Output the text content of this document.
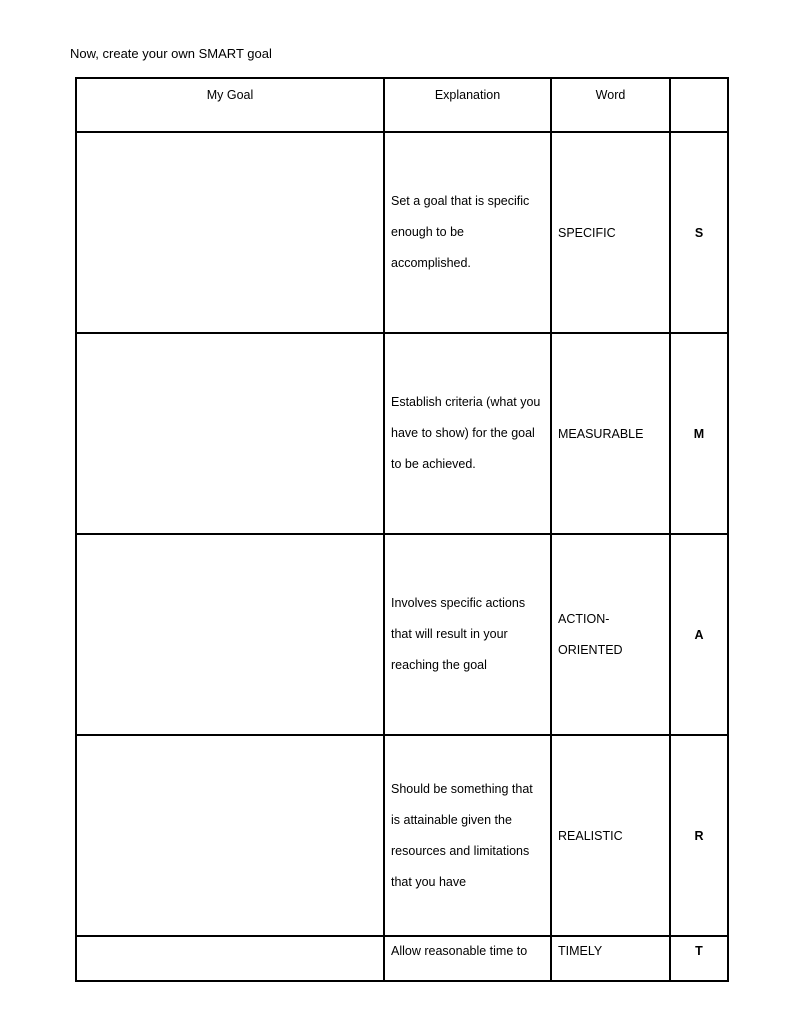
Now, create your own SMART goal
My Goal	Explanation	Word	
	Set a goal that is specific enough to be accomplished.	SPECIFIC	S
	Establish criteria (what you have to show) for the goal to be achieved.	MEASURABLE	M
	Involves specific actions that will result in your reaching the goal	ACTION-ORIENTED	A
	Should be something that is attainable given the resources and limitations that you have	REALISTIC	R
	Allow reasonable time to	TIMELY	T
